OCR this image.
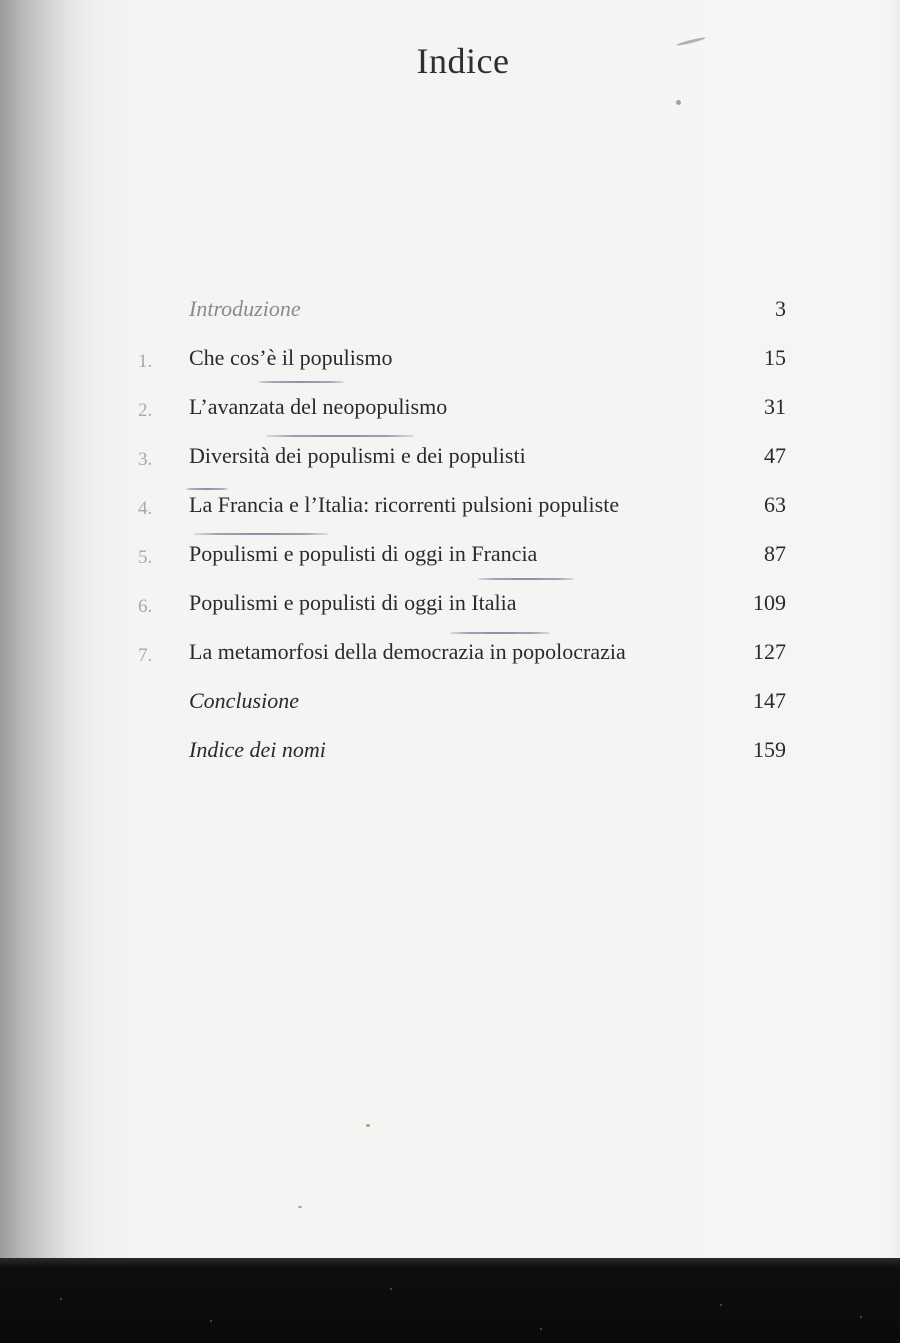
Indice
Introduzione	3
1.	Che cos’è il populismo	15
2.	L’avanzata del neopopulismo	31
3.	Diversità dei populismi e dei populisti	47
4.	La Francia e l’Italia: ricorrenti pulsioni populiste	63
5.	Populismi e populisti di oggi in Francia	87
6.	Populismi e populisti di oggi in Italia	109
7.	La metamorfosi della democrazia in popolocrazia	127
Conclusione	147
Indice dei nomi	159
